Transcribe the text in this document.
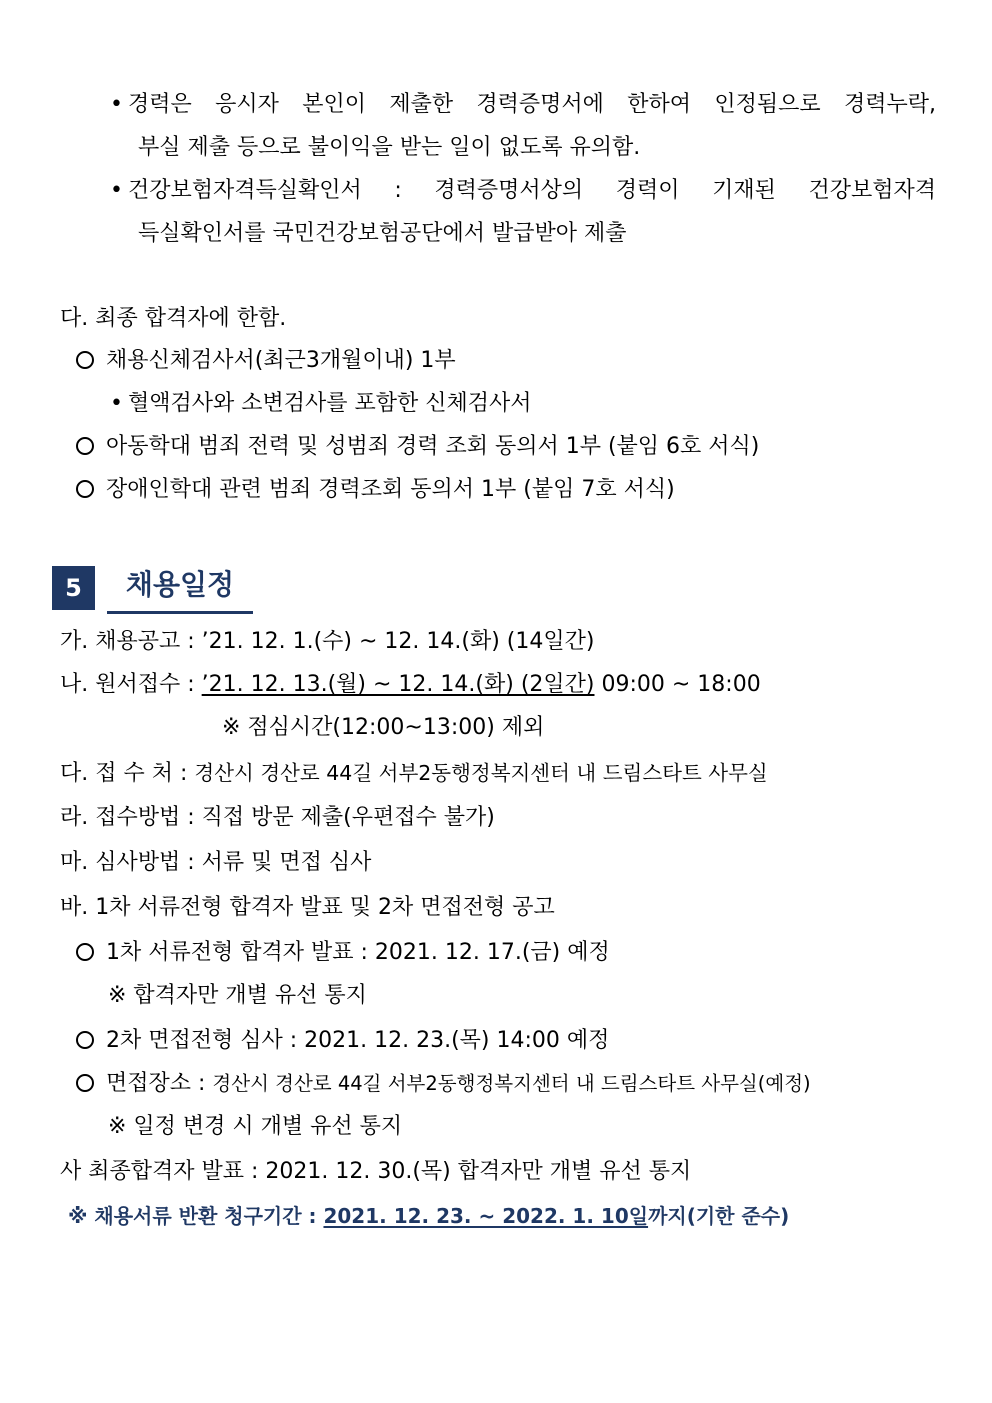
• 경력은 응시자 본인이 제출한 경력증명서에 한하여 인정됨으로 경력누락,
부실 제출 등으로 불이익을 받는 일이 없도록 유의함.
• 건강보험자격득실확인서 : 경력증명서상의 경력이 기재된 건강보험자격
득실확인서를 국민건강보험공단에서 발급받아 제출
다. 최종 합격자에 한함.
채용신체검사서(최근3개월이내) 1부
• 혈액검사와 소변검사를 포함한 신체검사서
아동학대 범죄 전력 및 성범죄 경력 조회 동의서 1부 (붙임 6호 서식)
장애인학대 관련 범죄 경력조회 동의서 1부 (붙임 7호 서식)
5	채용일정
가. 채용공고 : ’21. 12. 1.(수) ~ 12. 14.(화) (14일간)
나. 원서접수 : ’21. 12. 13.(월) ~ 12. 14.(화) (2일간) 09:00 ~ 18:00
※ 점심시간(12:00~13:00) 제외
다. 접 수 처 : 경산시 경산로 44길 서부2동행정복지센터 내 드림스타트 사무실
라. 접수방법 : 직접 방문 제출(우편접수 불가)
마. 심사방법 : 서류 및 면접 심사
바. 1차 서류전형 합격자 발표 및 2차 면접전형 공고
1차 서류전형 합격자 발표 : 2021. 12. 17.(금) 예정
※ 합격자만 개별 유선 통지
2차 면접전형 심사 : 2021. 12. 23.(목) 14:00 예정
면접장소 : 경산시 경산로 44길 서부2동행정복지센터 내 드림스타트 사무실(예정)
※ 일정 변경 시 개별 유선 통지
사 최종합격자 발표 : 2021. 12. 30.(목) 합격자만 개별 유선 통지
※ 채용서류 반환 청구기간 : 2021. 12. 23. ~ 2022. 1. 10일까지(기한 준수)
